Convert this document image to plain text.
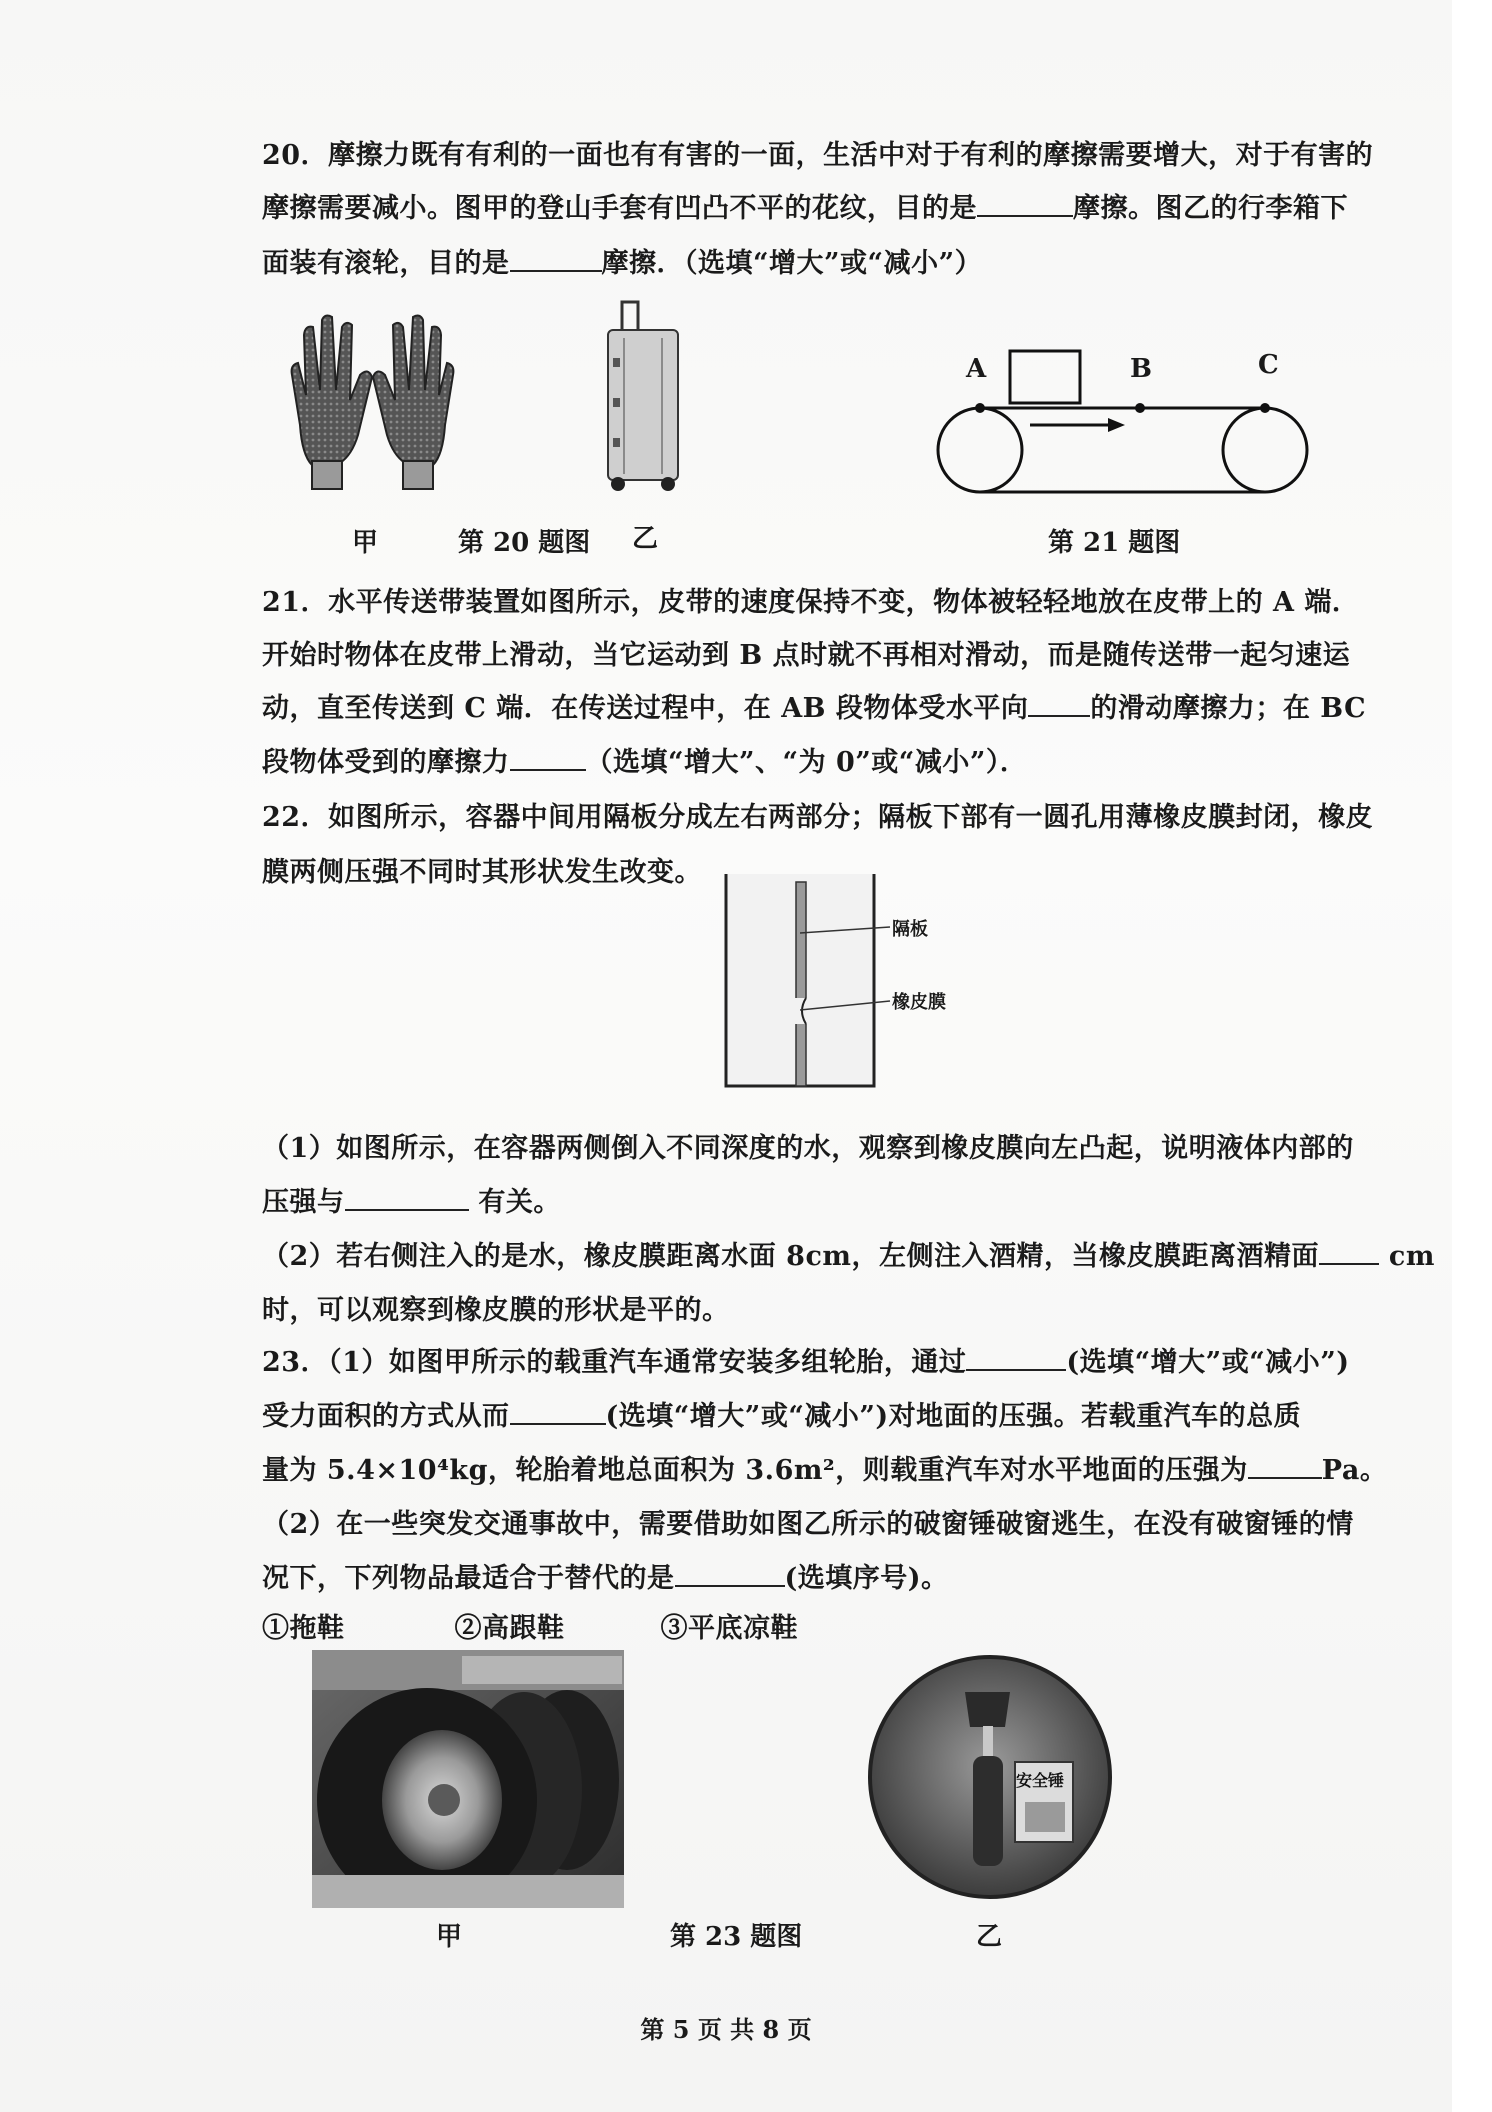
20．摩擦力既有有利的一面也有有害的一面，生活中对于有利的摩擦需要增大，对于有害的
摩擦需要减小。图甲的登山手套有凹凸不平的花纹，目的是	摩擦。图乙的行李箱下
面装有滚轮，目的是	摩擦．（选填“增大”或“减小”）
A	B	C
甲	第 20 题图 乙	第 21 题图
21．水平传送带装置如图所示，皮带的速度保持不变，物体被轻轻地放在皮带上的 A 端．
开始时物体在皮带上滑动，当它运动到 B 点时就不再相对滑动，而是随传送带一起匀速运
动，直至传送到 C 端．在传送过程中，在 AB 段物体受水平向 的滑动摩擦力；在 BC
段物体受到的摩擦力	（选填“增大”、“为 0”或“减小”）．
22．如图所示，容器中间用隔板分成左右两部分；隔板下部有一圆孔用薄橡皮膜封闭，橡皮
膜两侧压强不同时其形状发生改变。
隔板
橡皮膜
（1）如图所示，在容器两侧倒入不同深度的水，观察到橡皮膜向左凸起，说明液体内部的
压强与	有关。
（2）若右侧注入的是水，橡皮膜距离水面 8cm，左侧注入酒精，当橡皮膜距离酒精面	cm
时，可以观察到橡皮膜的形状是平的。
23．（1）如图甲所示的载重汽车通常安装多组轮胎，通过	(选填“增大”或“减小”)
受力面积的方式从而	(选填“增大”或“减小”)对地面的压强。若载重汽车的总质
量为 5.4×10⁴kg，轮胎着地总面积为 3.6m²，则载重汽车对水平地面的压强为	Pa。
（2）在一些突发交通事故中，需要借助如图乙所示的破窗锤破窗逃生，在没有破窗锤的情
况下，下列物品最适合于替代的是	(选填序号)。
①拖鞋	②高跟鞋	③平底凉鞋
安全锤
甲	第 23 题图	乙
第 5 页 共 8 页
